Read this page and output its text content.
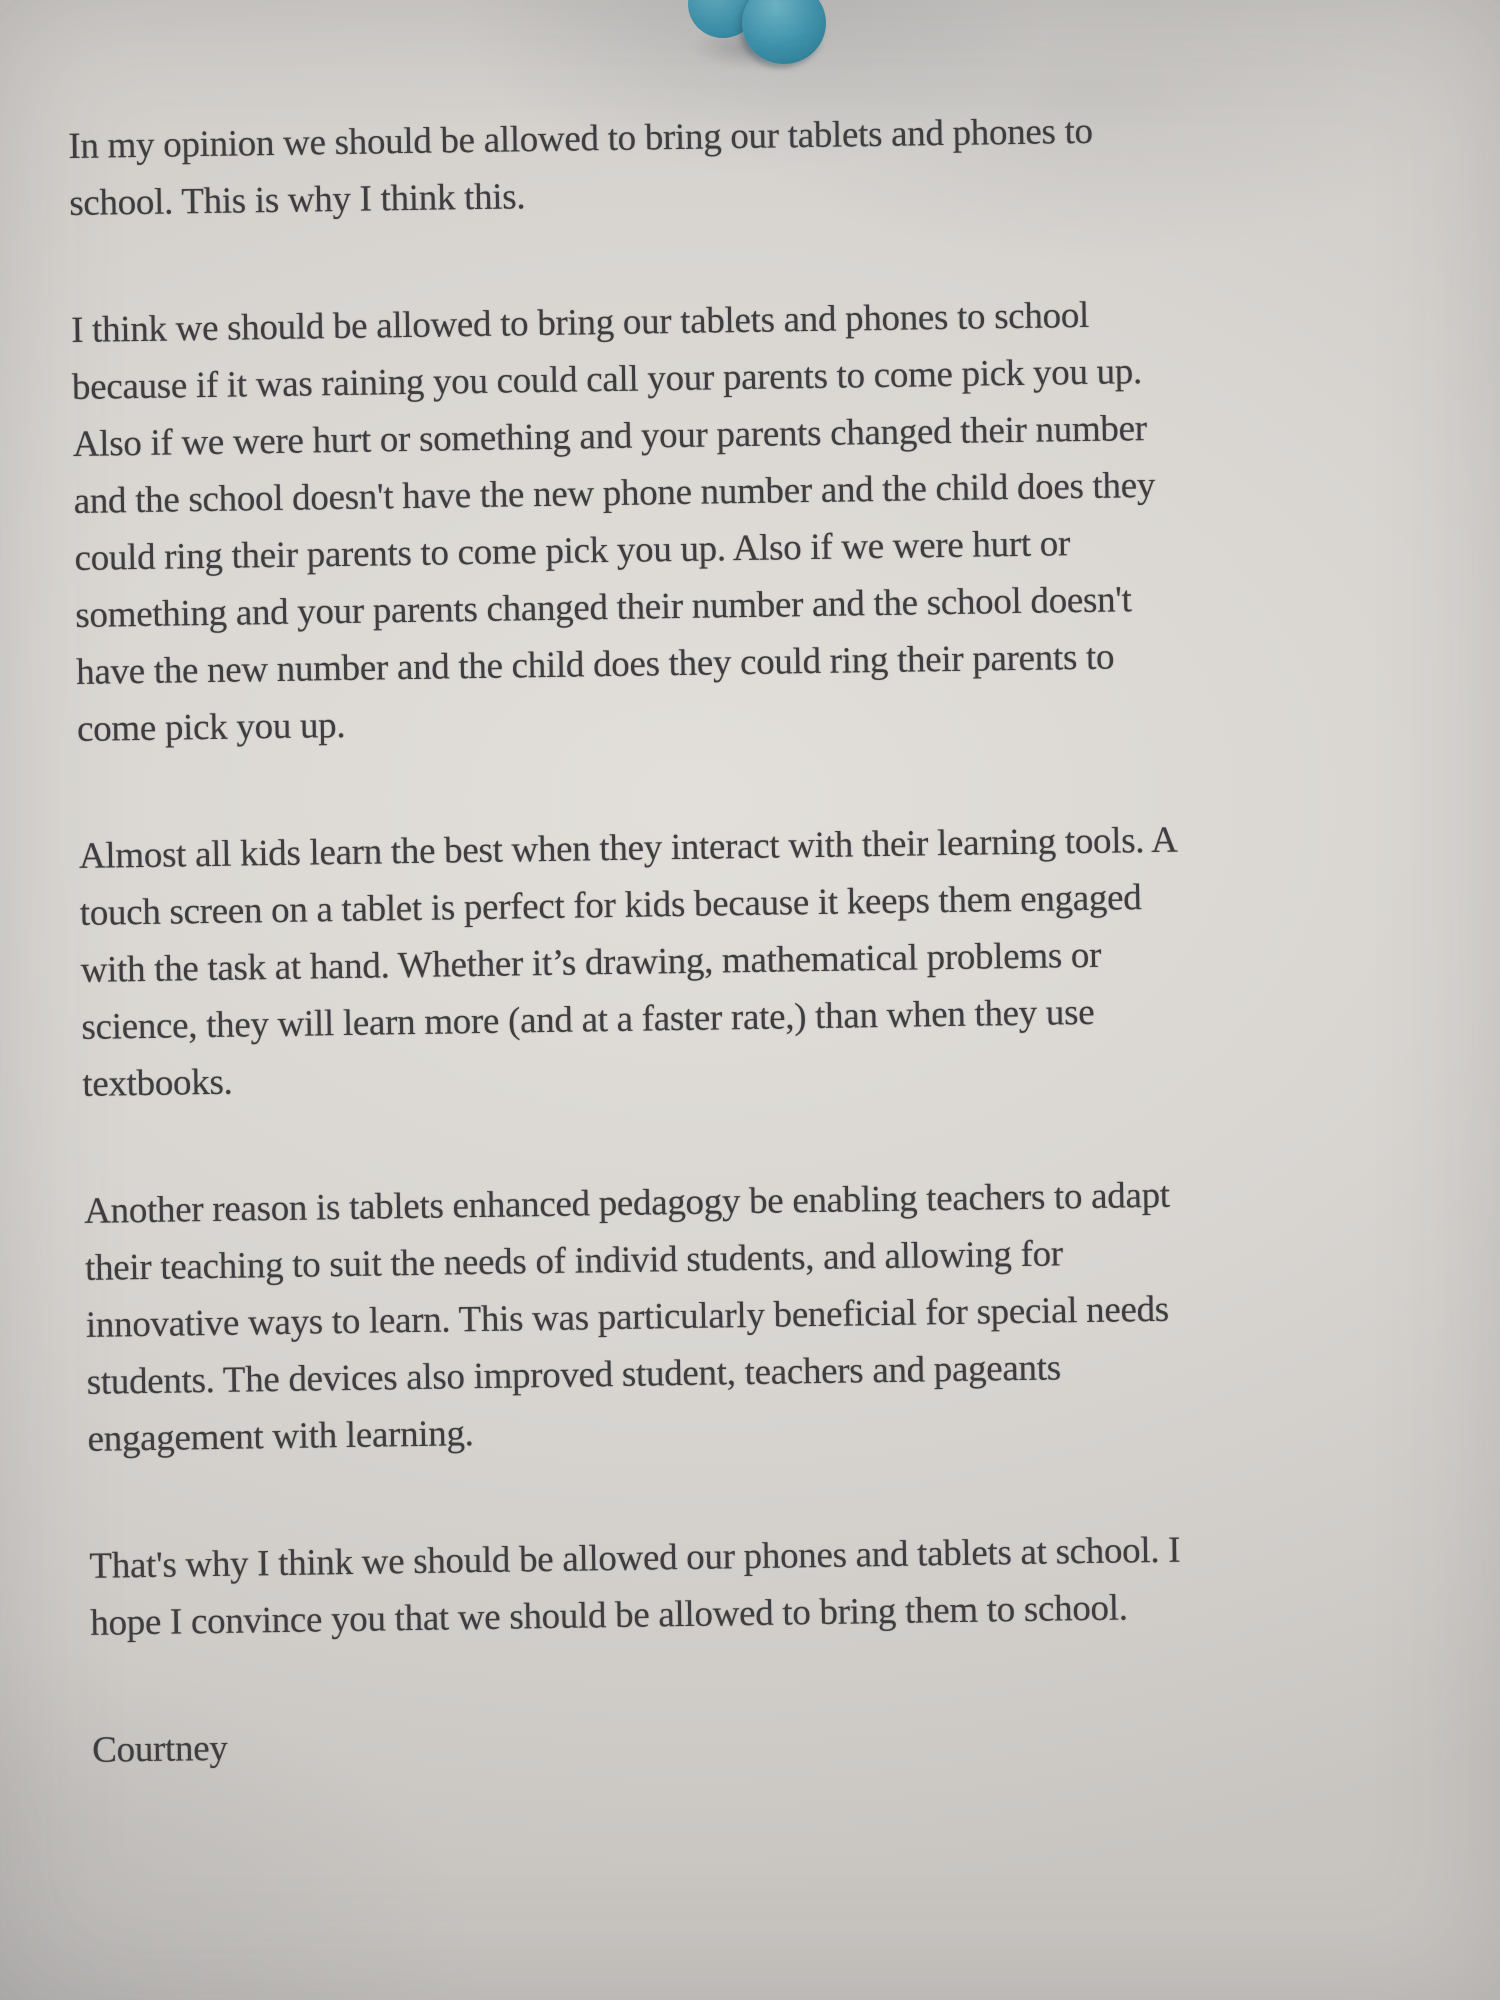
In my opinion we should be allowed to bring our tablets and phones to
school. This is why I think this.

I think we should be allowed to bring our tablets and phones to school
because if it was raining you could call your parents to come pick you up.
Also if we were hurt or something and your parents changed their number
and the school doesn't have the new phone number and the child does they
could ring their parents to come pick you up. Also if we were hurt or
something and your parents changed their number and the school doesn't
have the new number and the child does they could ring their parents to
come pick you up.

Almost all kids learn the best when they interact with their learning tools. A
touch screen on a tablet is perfect for kids because it keeps them engaged
with the task at hand. Whether it’s drawing, mathematical problems or
science, they will learn more (and at a faster rate,) than when they use
textbooks.

Another reason is tablets enhanced pedagogy be enabling teachers to adapt
their teaching to suit the needs of individ students, and allowing for
innovative ways to learn. This was particularly beneficial for special needs
students. The devices also improved student, teachers and pageants
engagement with learning.

That's why I think we should be allowed our phones and tablets at school. I
hope I convince you that we should be allowed to bring them to school.

Courtney
